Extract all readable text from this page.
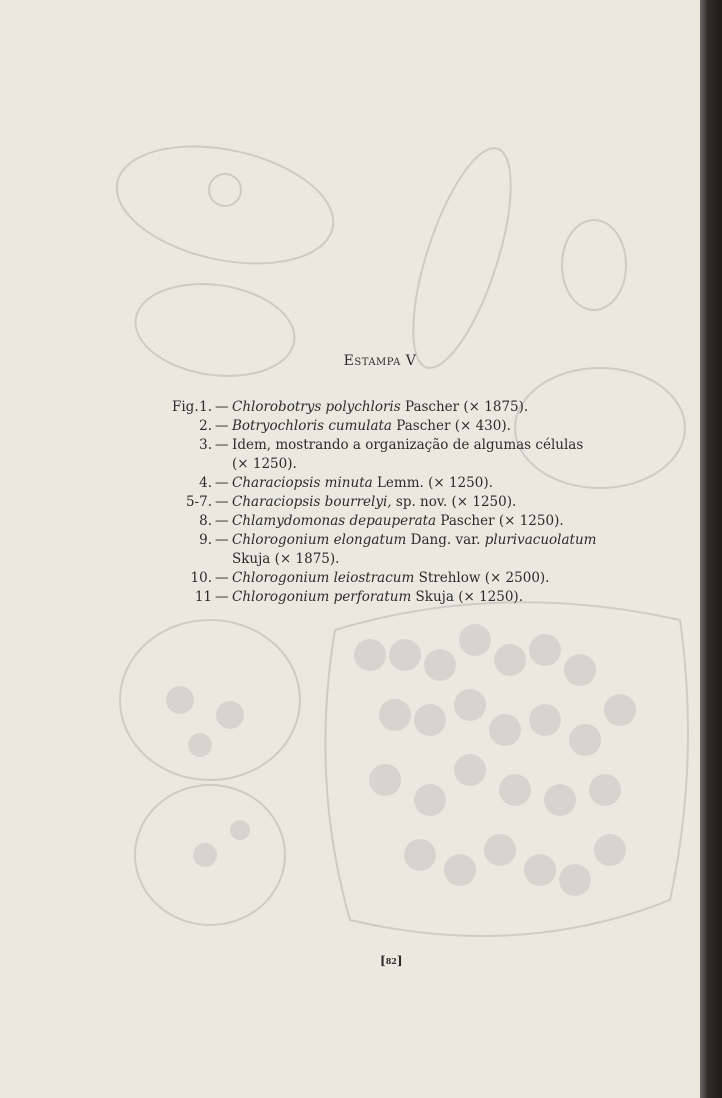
Estampa V
Fig. 1. — Chlorobotrys polychloris Pascher (× 1875).
2. — Botryochloris cumulata Pascher (× 430).
3. — Idem, mostrando a organização de algumas células
(× 1250).
4. — Characiopsis minuta Lemm. (× 1250).
5-7. — Characiopsis bourrelyi, sp. nov. (× 1250).
8. — Chlamydomonas depauperata Pascher (× 1250).
9. — Chlorogonium elongatum Dang. var. plurivacuolatum
Skuja (× 1875).
10. — Chlorogonium leiostracum Strehlow (× 2500).
11 — Chlorogonium perforatum Skuja (× 1250).
[82]
